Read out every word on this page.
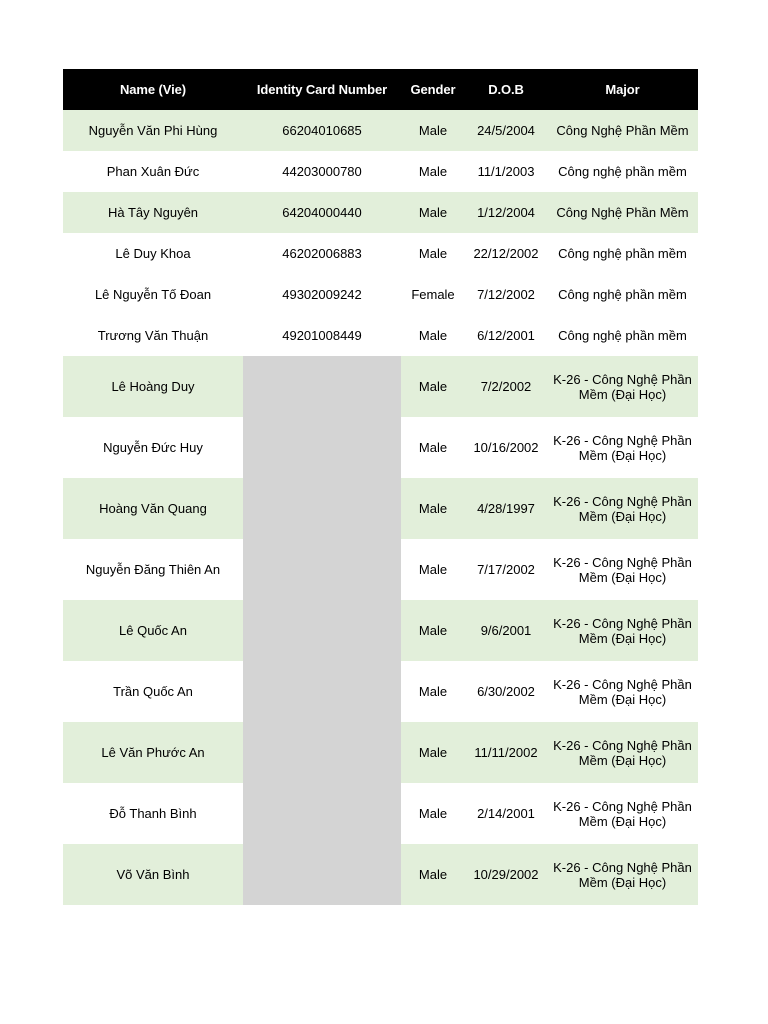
Name (Vie)	Identity Card Number	Gender	D.O.B	Major
Nguyễn Văn Phi Hùng	66204010685	Male	24/5/2004	Công Nghệ Phần Mềm
Phan Xuân Đức	44203000780	Male	11/1/2003	Công nghệ phần mềm
Hà Tây Nguyên	64204000440	Male	1/12/2004	Công Nghệ Phần Mềm
Lê Duy Khoa	46202006883	Male	22/12/2002	Công nghệ phần mềm
Lê Nguyễn Tố Đoan	49302009242	Female	7/12/2002	Công nghệ phần mềm
Trương Văn Thuận	49201008449	Male	6/12/2001	Công nghệ phần mềm
Lê Hoàng Duy		Male	7/2/2002	K-26 - Công Nghệ Phần Mềm (Đại Học)
Nguyễn Đức Huy		Male	10/16/2002	K-26 - Công Nghệ Phần Mềm (Đại Học)
Hoàng Văn Quang		Male	4/28/1997	K-26 - Công Nghệ Phần Mềm (Đại Học)
Nguyễn Đăng Thiên An		Male	7/17/2002	K-26 - Công Nghệ Phần Mềm (Đại Học)
Lê Quốc An		Male	9/6/2001	K-26 - Công Nghệ Phần Mềm (Đại Học)
Trần Quốc An		Male	6/30/2002	K-26 - Công Nghệ Phần Mềm (Đại Học)
Lê Văn Phước An		Male	11/11/2002	K-26 - Công Nghệ Phần Mềm (Đại Học)
Đỗ Thanh Bình		Male	2/14/2001	K-26 - Công Nghệ Phần Mềm (Đại Học)
Võ Văn Bình		Male	10/29/2002	K-26 - Công Nghệ Phần Mềm (Đại Học)
